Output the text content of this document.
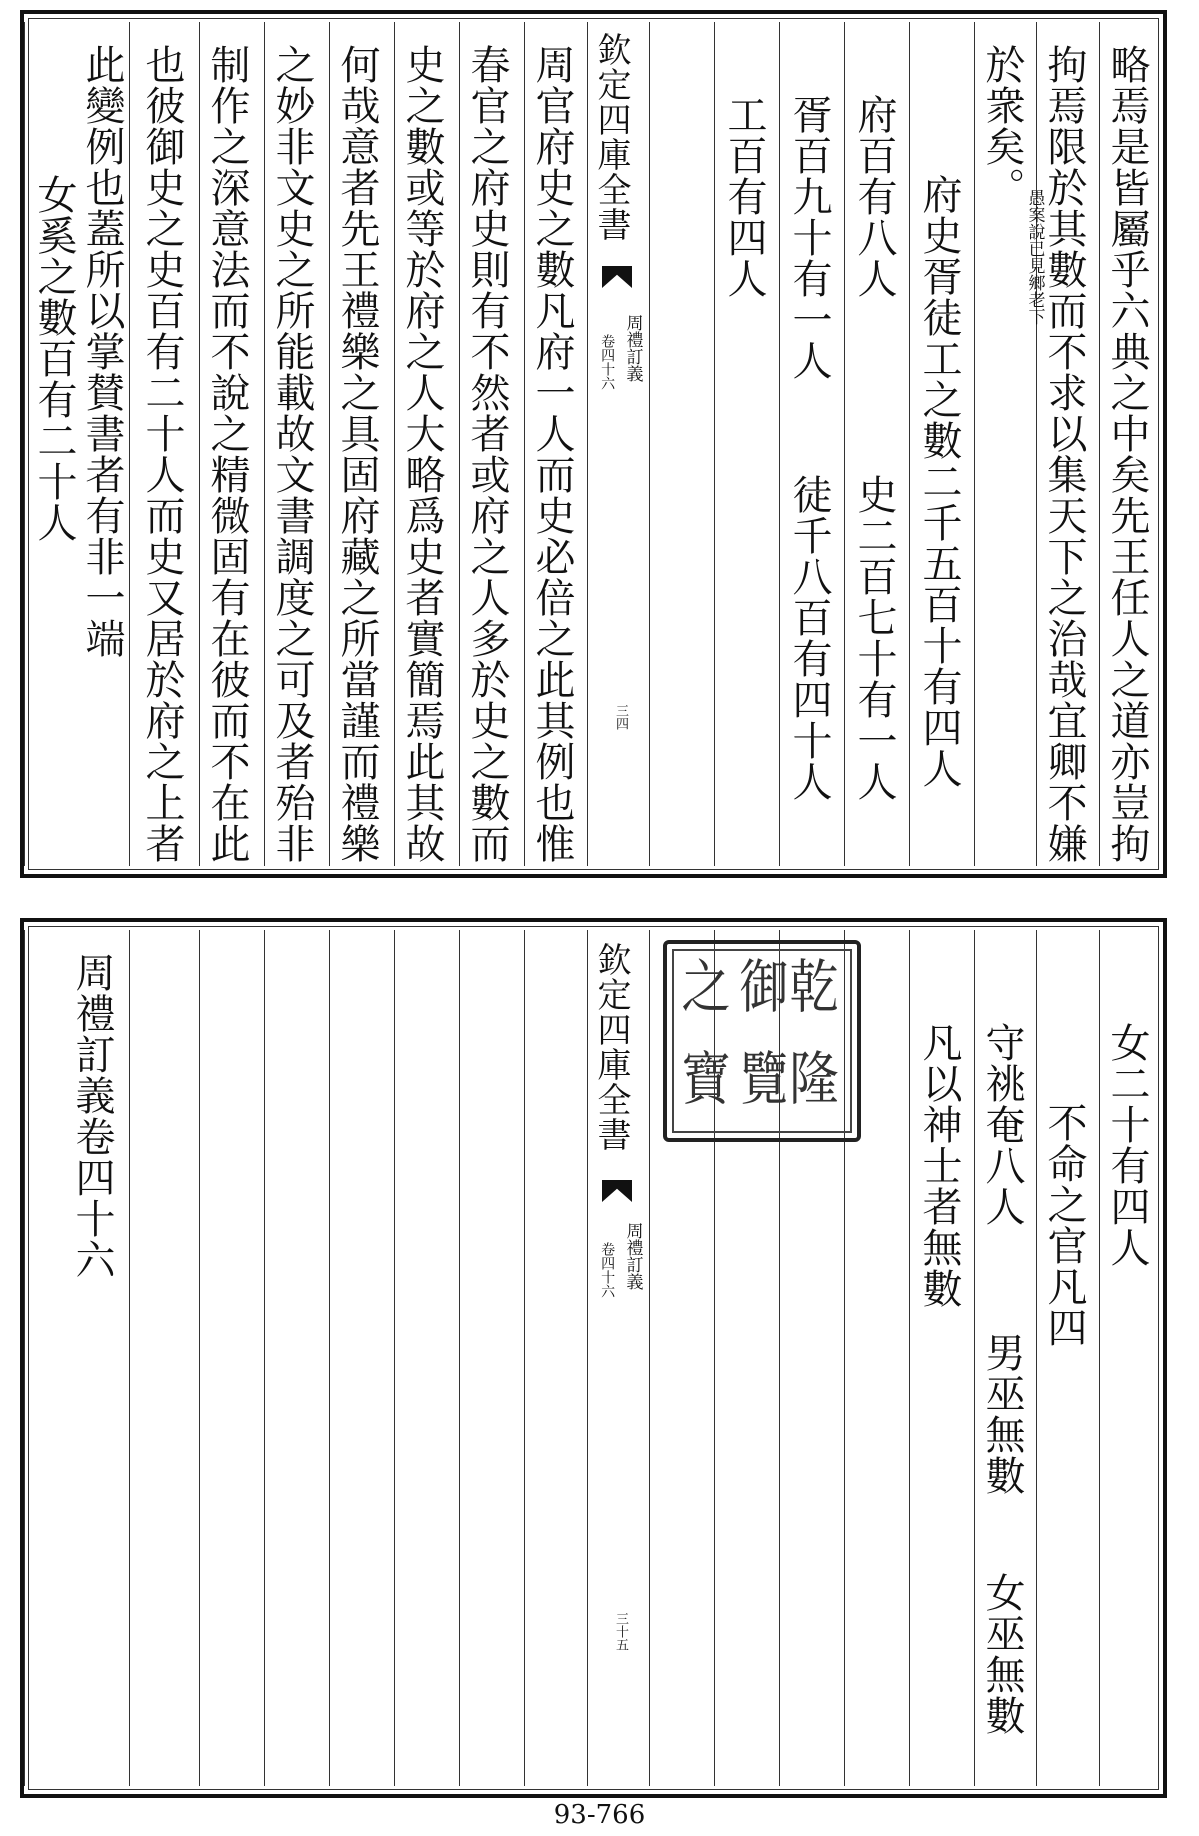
略焉是皆屬乎六典之中矣先王任人之道亦豈拘
拘焉限於其數而不求以集天下之治哉宜卿不嫌
於衆矣。
愚案說已見鄉老下
府史胥徒工之數二千五百十有四人
府百有八人
史二百七十有一人
胥百九十有一人
徒千八百有四十人
工百有四人
欽定四庫全書
周禮訂義
卷四十六
三四
周官府史之數凡府一人而史必倍之此其例也惟
春官之府史則有不然者或府之人多於史之數而
史之數或等於府之人大略爲史者實簡焉此其故
何哉意者先王禮樂之具固府藏之所當謹而禮樂
之妙非文史之所能載故文書調度之可及者殆非
制作之深意法而不說之精微固有在彼而不在此
也彼御史之史百有二十人而史又居於府之上者
此變例也蓋所以掌賛書者有非一端
女奚之數百有二十人
女二十有四人
不命之官凡四
守祧奄八人
男巫無數
女巫無數
凡以神士者無數
欽定四庫全書
周禮訂義
卷四十六
三十五
周禮訂義卷四十六	乾
隆
御
覽
之
寶
93-766
